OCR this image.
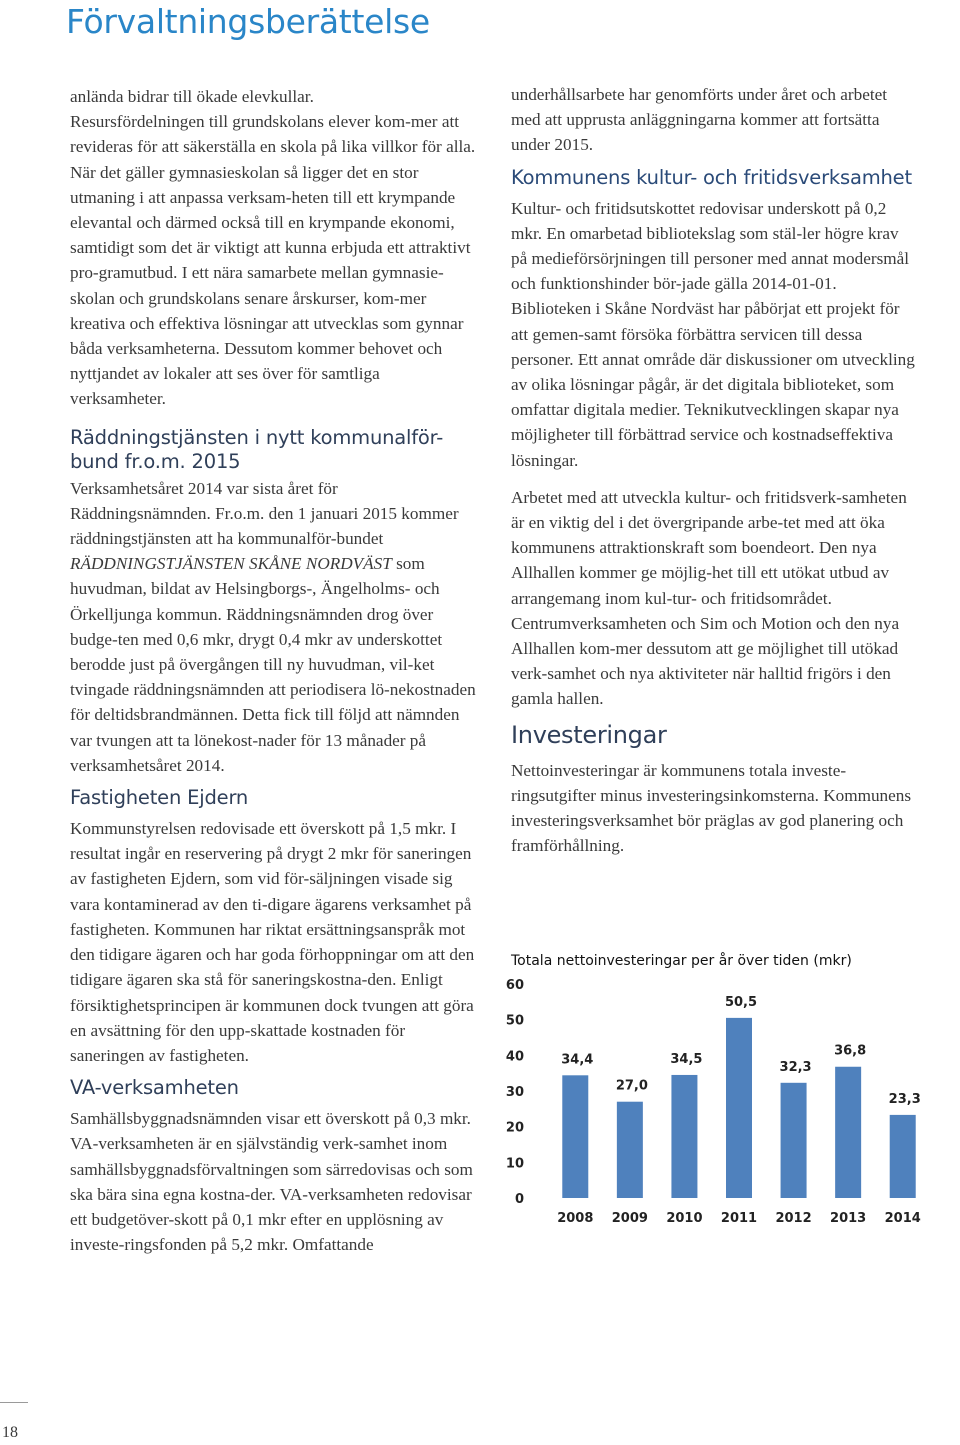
Förvaltningsberättelse

anlända bidrar till ökade elevkullar.

Resursfördelningen till grundskolans elever kom-mer att revideras för att säkerställa en skola på lika villkor för alla. När det gäller gymnasieskolan så ligger det en stor utmaning i att anpassa verksam-heten till ett krympande elevantal och därmed också till en krympande ekonomi, samtidigt som det är viktigt att kunna erbjuda ett attraktivt pro-gramutbud. I ett nära samarbete mellan gymnasie-skolan och grundskolans senare årskurser, kom-mer kreativa och effektiva lösningar att utvecklas som gynnar båda verksamheterna. Dessutom kommer behovet och nyttjandet av lokaler att ses över för samtliga verksamheter.

Räddningstjänsten i nytt kommunalför-bund fr.o.m. 2015

Verksamhetsåret 2014 var sista året för Räddningsnämnden. Fr.o.m. den 1 januari 2015 kommer räddningstjänsten att ha kommunalför-bundet RÄDDNINGSTJÄNSTEN SKÅNE NORDVÄST som huvudman, bildat av Helsingborgs-, Ängelholms- och Örkelljunga kommun. Räddningsnämnden drog över budge-ten med 0,6 mkr, drygt 0,4 mkr av underskottet berodde just på övergången till ny huvudman, vil-ket tvingade räddningsnämnden att periodisera lö-nekostnaden för deltidsbrandmännen. Detta fick till följd att nämnden var tvungen att ta lönekost-nader för 13 månader på verksamhetsåret 2014.

Fastigheten Ejdern

Kommunstyrelsen redovisade ett överskott på 1,5 mkr. I resultat ingår en reservering på drygt 2 mkr för saneringen av fastigheten Ejdern, som vid för-säljningen visade sig vara kontaminerad av den ti-digare ägarens verksamhet på fastigheten. Kommunen har riktat ersättningsanspråk mot den tidigare ägaren och har goda förhoppningar om att den tidigare ägaren ska stå för saneringskostna-den. Enligt försiktighetsprincipen är kommunen dock tvungen att göra en avsättning för den upp-skattade kostnaden för saneringen av fastigheten.

VA-verksamheten

Samhällsbyggnadsnämnden visar ett överskott på 0,3 mkr. VA-verksamheten är en självständig verk-samhet inom samhällsbyggnadsförvaltningen som särredovisas och som ska bära sina egna kostna-der. VA-verksamheten redovisar ett budgetöver-skott på 0,1 mkr efter en upplösning av investe-ringsfonden på 5,2 mkr. Omfattande

underhållsarbete har genomförts under året och arbetet med att upprusta anläggningarna kommer att fortsätta under 2015.

Kommunens kultur- och fritidsverksamhet

Kultur- och fritidsutskottet redovisar underskott på 0,2 mkr. En omarbetad bibliotekslag som stäl-ler högre krav på medieförsörjningen till personer med annat modersmål och funktionshinder bör-jade gälla 2014-01-01. Biblioteken i Skåne Nordväst har påbörjat ett projekt för att gemen-samt försöka förbättra servicen till dessa personer. Ett annat område där diskussioner om utveckling av olika lösningar pågår, är det digitala biblioteket, som omfattar digitala medier. Teknikutvecklingen skapar nya möjligheter till förbättrad service och kostnadseffektiva lösningar.

Arbetet med att utveckla kultur- och fritidsverk-samheten är en viktig del i det övergripande arbe-tet med att öka kommunens attraktionskraft som boendeort. Den nya Allhallen kommer ge möjlig-het till ett utökat utbud av arrangemang inom kul-tur- och fritidsområdet. Centrumverksamheten och Sim och Motion och den nya Allhallen kom-mer dessutom att ge möjlighet till utökad verk-samhet och nya aktiviteter när halltid frigörs i den gamla hallen.

Investeringar

Nettoinvesteringar är kommunens totala investe-ringsutgifter minus investeringsinkomsterna. Kommunens investeringsverksamhet bör präglas av god planering och framförhållning.

Totala nettoinvesteringar per år över tiden (mkr)

0
10
20
30
40
50
60
34,4
2008
27,0
2009
34,5
2010
50,5
2011
32,3
2012
36,8
2013
23,3
2014

18
